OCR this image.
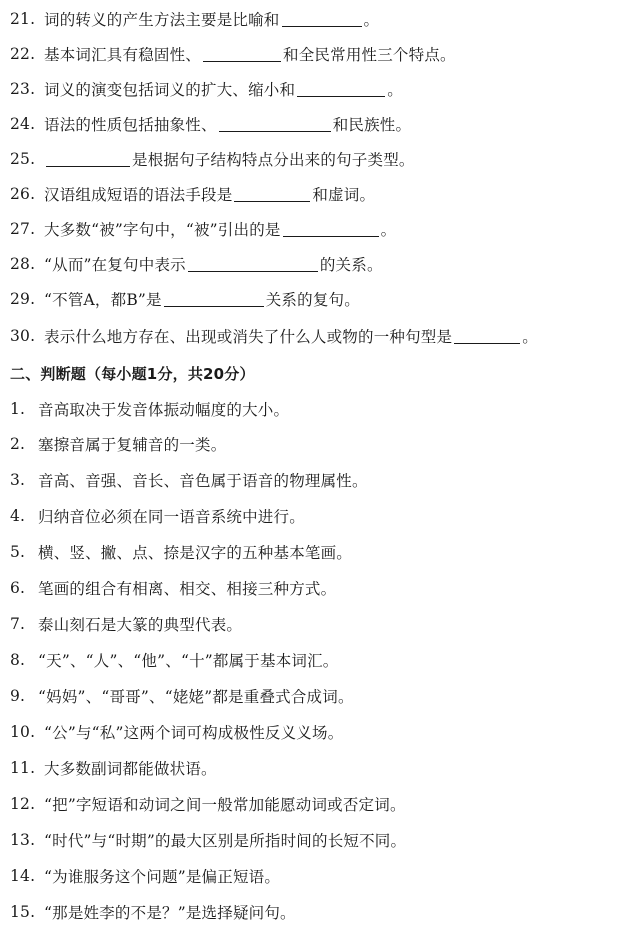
21. 词的转义的产生方法主要是比喻和	。
22. 基本词汇具有稳固性、	和全民常用性三个特点。
23. 词义的演变包括词义的扩大、缩小和	。
24. 语法的性质包括抽象性、	和民族性。
25.	是根据句子结构特点分出来的句子类型。
26. 汉语组成短语的语法手段是	和虚词。
27. 大多数“被”字句中，“被”引出的是	。
28. “从而”在复句中表示	的关系。
29. “不管A，都B”是	关系的复句。
30. 表示什么地方存在、出现或消失了什么人或物的一种句型是	。
二、判断题（每小题1分，共20分）
1. 音高取决于发音体振动幅度的大小。
2. 塞擦音属于复辅音的一类。
3. 音高、音强、音长、音色属于语音的物理属性。
4. 归纳音位必须在同一语音系统中进行。
5. 横、竖、撇、点、捺是汉字的五种基本笔画。
6. 笔画的组合有相离、相交、相接三种方式。
7. 泰山刻石是大篆的典型代表。
8. “天”、“人”、“他”、“十”都属于基本词汇。
9. “妈妈”、“哥哥”、“姥姥”都是重叠式合成词。
10. “公”与“私”这两个词可构成极性反义义场。
11. 大多数副词都能做状语。
12. “把”字短语和动词之间一般常加能愿动词或否定词。
13. “时代”与“时期”的最大区别是所指时间的长短不同。
14. “为谁服务这个问题”是偏正短语。
15. “那是姓李的不是？”是选择疑问句。
